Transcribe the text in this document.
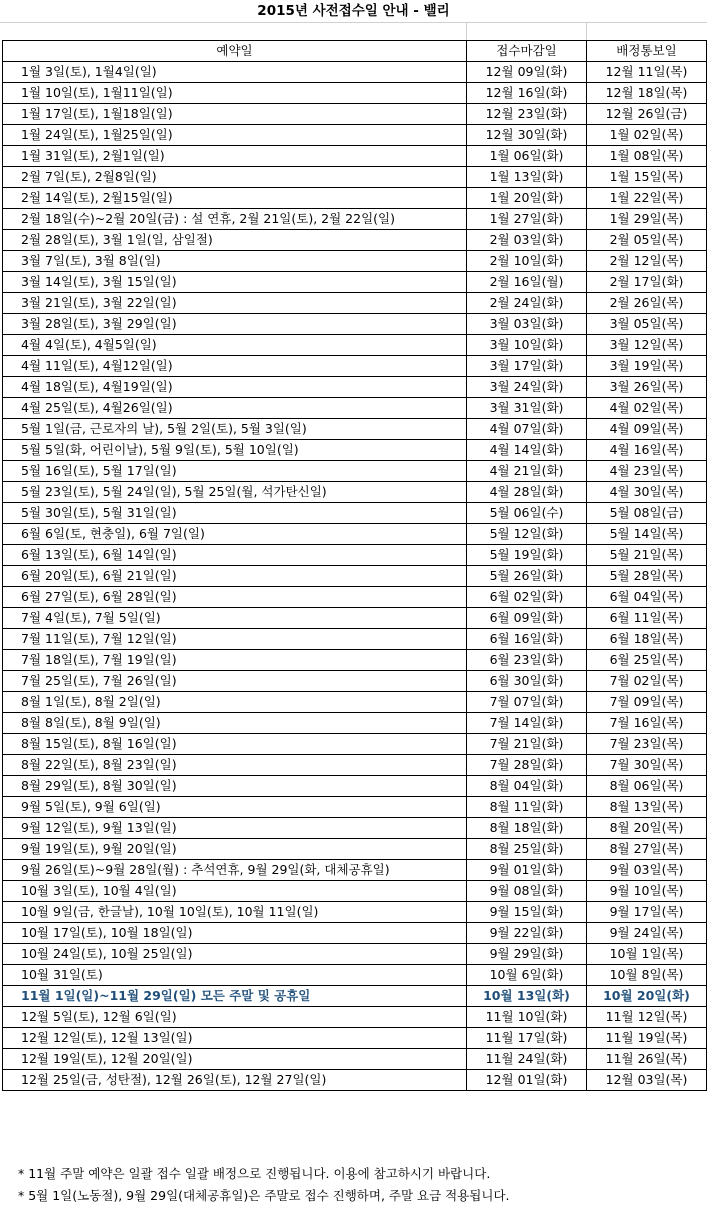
2015년 사전접수일 안내 - 밸리
예약일	접수마감일	배정통보일
1월 3일(토), 1월4일(일)	12월 09일(화)	12월 11일(목)
1월 10일(토), 1월11일(일)	12월 16일(화)	12월 18일(목)
1월 17일(토), 1월18일(일)	12월 23일(화)	12월 26일(금)
1월 24일(토), 1월25일(일)	12월 30일(화)	1월 02일(목)
1월 31일(토), 2월1일(일)	1월 06일(화)	1월 08일(목)
2월 7일(토), 2월8일(일)	1월 13일(화)	1월 15일(목)
2월 14일(토), 2월15일(일)	1월 20일(화)	1월 22일(목)
2월 18일(수)~2월 20일(금) : 설 연휴, 2월 21일(토), 2월 22일(일)	1월 27일(화)	1월 29일(목)
2월 28일(토), 3월 1일(일, 삼일절)	2월 03일(화)	2월 05일(목)
3월 7일(토), 3월 8일(일)	2월 10일(화)	2월 12일(목)
3월 14일(토), 3월 15일(일)	2월 16일(월)	2월 17일(화)
3월 21일(토), 3월 22일(일)	2월 24일(화)	2월 26일(목)
3월 28일(토), 3월 29일(일)	3월 03일(화)	3월 05일(목)
4월 4일(토), 4월5일(일)	3월 10일(화)	3월 12일(목)
4월 11일(토), 4월12일(일)	3월 17일(화)	3월 19일(목)
4월 18일(토), 4월19일(일)	3월 24일(화)	3월 26일(목)
4월 25일(토), 4월26일(일)	3월 31일(화)	4월 02일(목)
5월 1일(금, 근로자의 날), 5월 2일(토), 5월 3일(일)	4월 07일(화)	4월 09일(목)
5월 5일(화, 어린이날), 5월 9일(토), 5월 10일(일)	4월 14일(화)	4월 16일(목)
5월 16일(토), 5월 17일(일)	4월 21일(화)	4월 23일(목)
5월 23일(토), 5월 24일(일), 5월 25일(월, 석가탄신일)	4월 28일(화)	4월 30일(목)
5월 30일(토), 5월 31일(일)	5월 06일(수)	5월 08일(금)
6월 6일(토, 현충일), 6월 7일(일)	5월 12일(화)	5월 14일(목)
6월 13일(토), 6월 14일(일)	5월 19일(화)	5월 21일(목)
6월 20일(토), 6월 21일(일)	5월 26일(화)	5월 28일(목)
6월 27일(토), 6월 28일(일)	6월 02일(화)	6월 04일(목)
7월 4일(토), 7월 5일(일)	6월 09일(화)	6월 11일(목)
7월 11일(토), 7월 12일(일)	6월 16일(화)	6월 18일(목)
7월 18일(토), 7월 19일(일)	6월 23일(화)	6월 25일(목)
7월 25일(토), 7월 26일(일)	6월 30일(화)	7월 02일(목)
8월 1일(토), 8월 2일(일)	7월 07일(화)	7월 09일(목)
8월 8일(토), 8월 9일(일)	7월 14일(화)	7월 16일(목)
8월 15일(토), 8월 16일(일)	7월 21일(화)	7월 23일(목)
8월 22일(토), 8월 23일(일)	7월 28일(화)	7월 30일(목)
8월 29일(토), 8월 30일(일)	8월 04일(화)	8월 06일(목)
9월 5일(토), 9월 6일(일)	8월 11일(화)	8월 13일(목)
9월 12일(토), 9월 13일(일)	8월 18일(화)	8월 20일(목)
9월 19일(토), 9월 20일(일)	8월 25일(화)	8월 27일(목)
9월 26일(토)~9월 28일(월) : 추석연휴, 9월 29일(화, 대체공휴일)	9월 01일(화)	9월 03일(목)
10월 3일(토), 10월 4일(일)	9월 08일(화)	9월 10일(목)
10월 9일(금, 한글날), 10월 10일(토), 10월 11일(일)	9월 15일(화)	9월 17일(목)
10월 17일(토), 10월 18일(일)	9월 22일(화)	9월 24일(목)
10월 24일(토), 10월 25일(일)	9월 29일(화)	10월 1일(목)
10월 31일(토)	10월 6일(화)	10월 8일(목)
11월 1일(일)~11월 29일(일) 모든 주말 및 공휴일	10월 13일(화)	10월 20일(화)
12월 5일(토), 12월 6일(일)	11월 10일(화)	11월 12일(목)
12월 12일(토), 12월 13일(일)	11월 17일(화)	11월 19일(목)
12월 19일(토), 12월 20일(일)	11월 24일(화)	11월 26일(목)
12월 25일(금, 성탄절), 12월 26일(토), 12월 27일(일)	12월 01일(화)	12월 03일(목)
* 11월 주말 예약은 일괄 접수 일괄 배정으로 진행됩니다. 이용에 참고하시기 바랍니다.
* 5월 1일(노동절), 9월 29일(대체공휴일)은 주말로 접수 진행하며, 주말 요금 적용됩니다.
